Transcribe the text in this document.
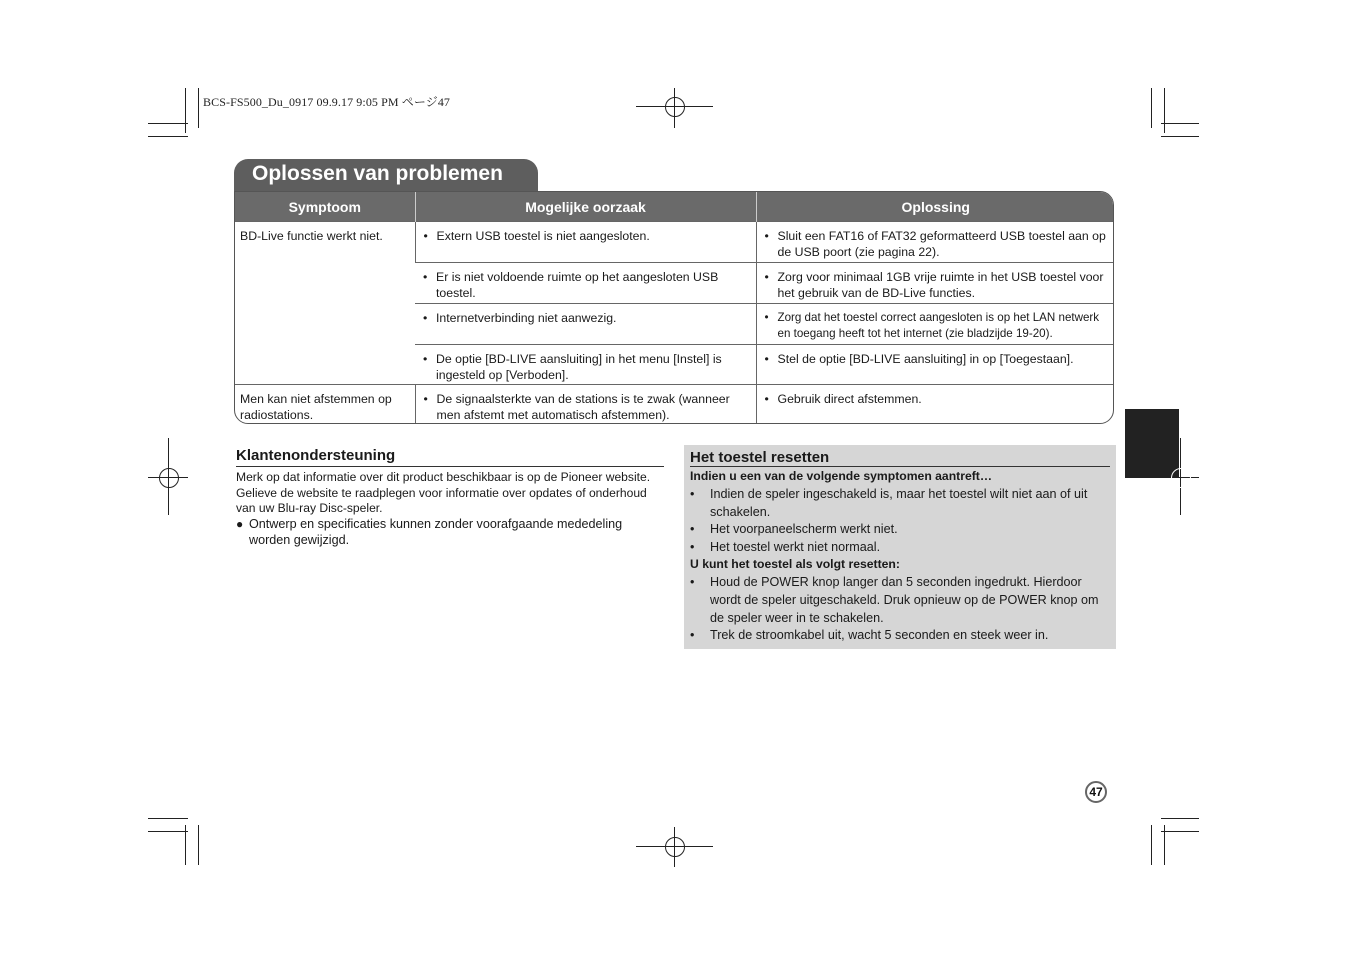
BCS-FS500_Du_0917 09.9.17 9:05 PM ページ47
Oplossen van problemen
Symptoom	Mogelijke oorzaak	Oplossing
BD-Live functie werkt niet.	• Extern USB toestel is niet aangesloten.	• Sluit een FAT16 of FAT32 geformatteerd USB toestel aan op de USB poort (zie pagina 22).

	• Er is niet voldoende ruimte op het aangesloten USB toestel.	• Zorg voor minimaal 1GB vrije ruimte in het USB toestel voor het gebruik van de BD-Live functies.

	• Internetverbinding niet aanwezig.	• Zorg dat het toestel correct aangesloten is op het LAN netwerk en toegang heeft tot het internet (zie bladzijde 19-20).

	• De optie [BD-LIVE aansluiting] in het menu [Instel] is ingesteld op [Verboden].	• Stel de optie [BD-LIVE aansluiting] in op [Toegestaan].

Men kan niet afstemmen op radiostations.	• De signaalsterkte van de stations is te zwak (wanneer men afstemt met automatisch afstemmen).	• Gebruik direct afstemmen.
Klantenondersteuning
Merk op dat informatie over dit product beschikbaar is op de Pioneer website. Gelieve de website te raadplegen voor informatie over opdates of onderhoud van uw Blu-ray Disc-speler.
● Ontwerp en specificaties kunnen zonder voorafgaande mededeling worden gewijzigd.
Het toestel resetten
Indien u een van de volgende symptomen aantreft…
• Indien de speler ingeschakeld is, maar het toestel wilt niet aan of uit schakelen.
• Het voorpaneelscherm werkt niet.
• Het toestel werkt niet normaal.
U kunt het toestel als volgt resetten:
• Houd de POWER knop langer dan 5 seconden ingedrukt. Hierdoor wordt de speler uitgeschakeld. Druk opnieuw op de POWER knop om de speler weer in te schakelen.
• Trek de stroomkabel uit, wacht 5 seconden en steek weer in.
47
